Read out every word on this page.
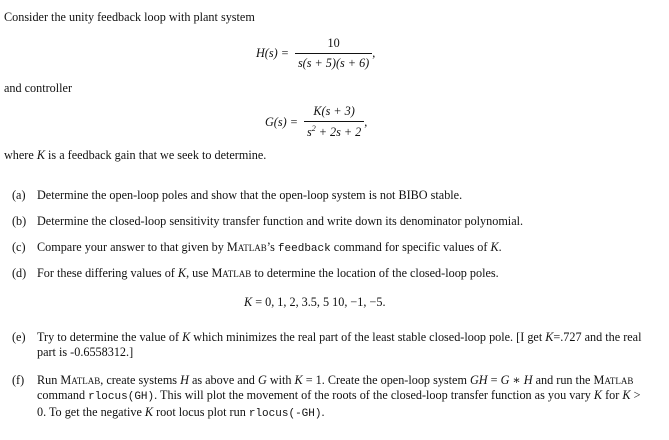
Consider the unity feedback loop with plant system
$H(s) = \frac{10}{s(s + 5)(s + 6)}$ ,
and controller
$G(s) = \frac{K(s + 3)}{s^2 + 2s + 2}$ ,
where K is a feedback gain that we seek to determine.
(a) Determine the open-loop poles and show that the open-loop system is not BIBO stable.
(b) Determine the closed-loop sensitivity transfer function and write down its denominator polynomial.
(c) Compare your answer to that given by Matlab’s feedback command for specific values of K.
(d) For these differing values of K, use Matlab to determine the location of the closed-loop poles.
K = 0, 1, 2, 3.5, 5 10, −1, −5.
(e) Try to determine the value of K which minimizes the real part of the least stable closed-loop pole. [I get K=.727 and the real part is -0.6558312.]
(f) Run Matlab, create systems H as above and G with K = 1. Create the open-loop system GH = G ∗ H and run the Matlab command rlocus(GH). This will plot the movement of the roots of the closed-loop transfer function as you vary K for K > 0. To get the negative K root locus plot run rlocus(-GH).
